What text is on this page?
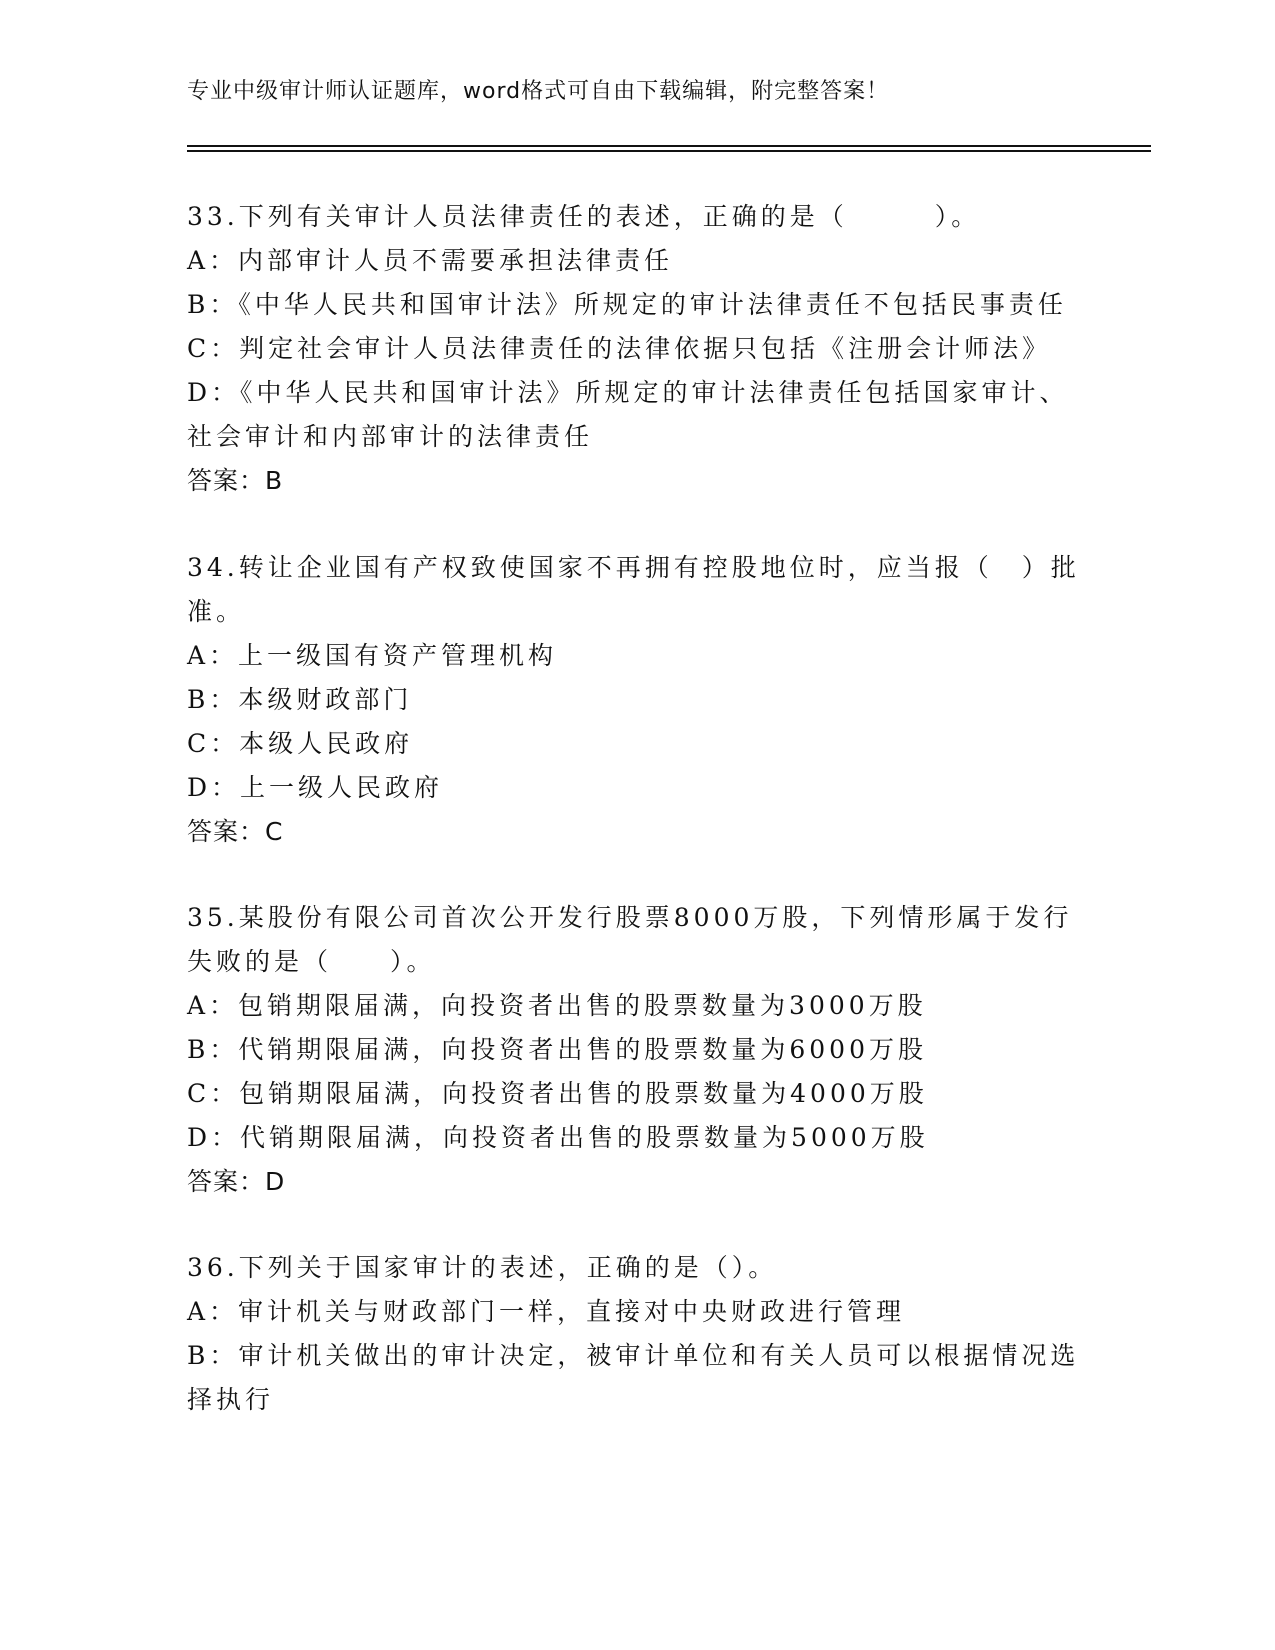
专业中级审计师认证题库，word格式可自由下载编辑，附完整答案！
33.下列有关审计人员法律责任的表述，正确的是（　　　）。
A：内部审计人员不需要承担法律责任
B：《中华人民共和国审计法》所规定的审计法律责任不包括民事责任
C：判定社会审计人员法律责任的法律依据只包括《注册会计师法》
D：《中华人民共和国审计法》所规定的审计法律责任包括国家审计、
社会审计和内部审计的法律责任
答案：B
34.转让企业国有产权致使国家不再拥有控股地位时，应当报（　）批
准。
A：上一级国有资产管理机构
B：本级财政部门
C：本级人民政府
D：上一级人民政府
答案：C
35.某股份有限公司首次公开发行股票8000万股，下列情形属于发行
失败的是（　　）。
A：包销期限届满，向投资者出售的股票数量为3000万股
B：代销期限届满，向投资者出售的股票数量为6000万股
C：包销期限届满，向投资者出售的股票数量为4000万股
D：代销期限届满，向投资者出售的股票数量为5000万股
答案：D
36.下列关于国家审计的表述，正确的是（）。
A：审计机关与财政部门一样，直接对中央财政进行管理
B：审计机关做出的审计决定，被审计单位和有关人员可以根据情况选
择执行
